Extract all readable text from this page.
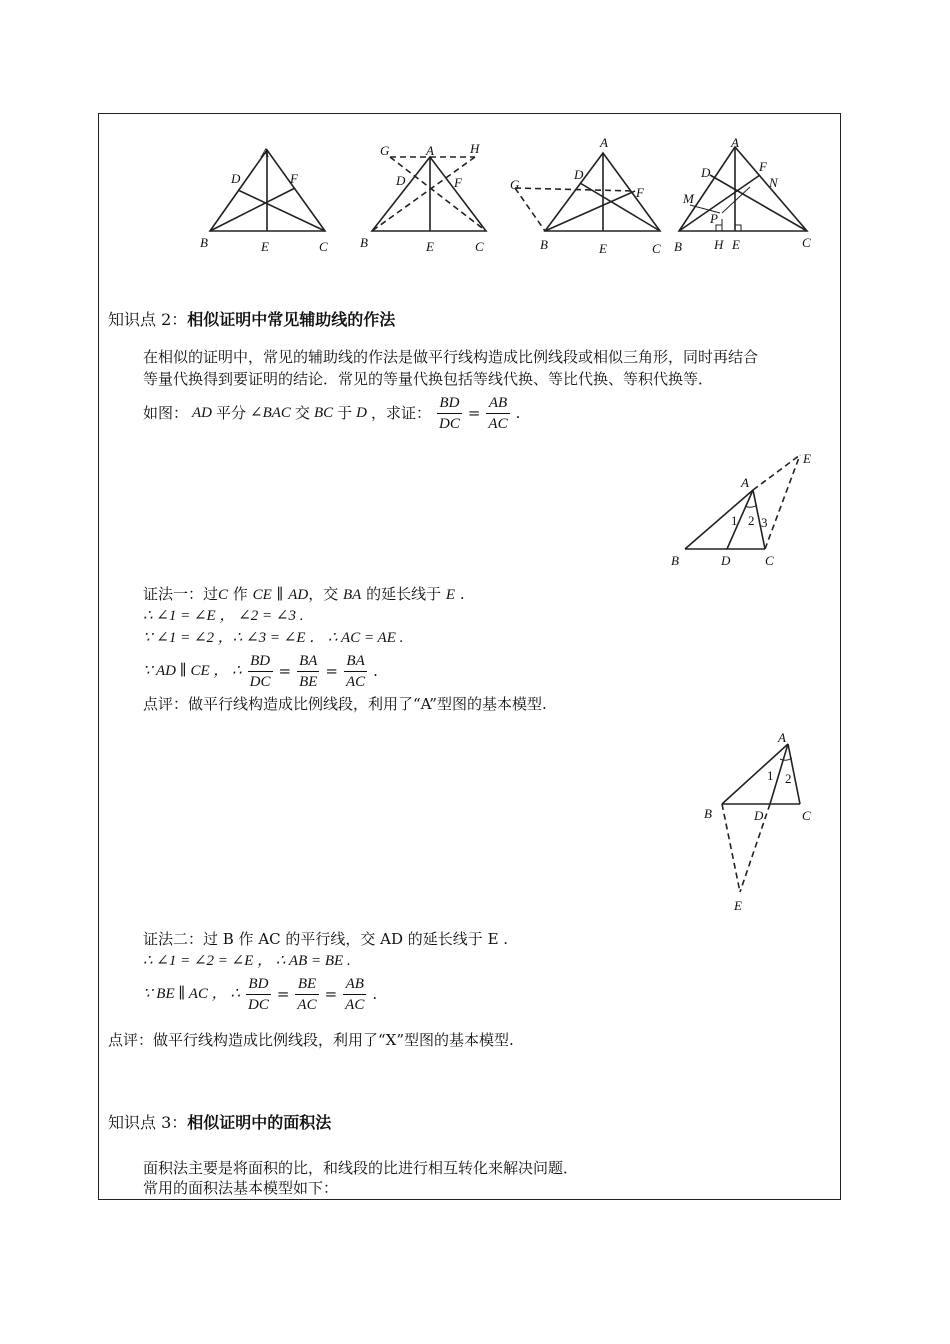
A
D	F
B	E	C
G	A	H
D	F
B	E	C
A
D
G
F
B	E	C
A
D	F
N
M
P
B H E	C
知识点 2：相似证明中常见辅助线的作法
在相似的证明中，常见的辅助线的作法是做平行线构造成比例线段或相似三角形，同时再结合
等量代换得到要证明的结论．常见的等量代换包括等线代换、等比代换、等积代换等．
如图： AD 平分 ∠BAC 交 BC 于 D ，求证： $\frac{BD}{DC} = \frac{AB}{AC}$ .
A
E
B	D	C
1 2 3
证法一：过C 作 CE ∥ AD，交 BA 的延长线于 E .
∴ ∠1 = ∠E ， ∠2 = ∠3 .
∵ ∠1 = ∠2 ，∴ ∠3 = ∠E ． ∴ AC = AE .
∵ AD ∥ CE ， ∴ $\frac{BD}{DC} = \frac{BA}{BE} = \frac{BA}{AC}$ .
点评：做平行线构造成比例线段，利用了“A”型图的基本模型.
A
B	D	C
E
1 2
证法二：过 B 作 AC 的平行线，交 AD 的延长线于 E .
∴ ∠1 = ∠2 = ∠E ， ∴ AB = BE .
∵ BE ∥ AC ， ∴ $\frac{BD}{DC} = \frac{BE}{AC} = \frac{AB}{AC}$ .
点评：做平行线构造成比例线段，利用了“X”型图的基本模型.
知识点 3：相似证明中的面积法
面积法主要是将面积的比，和线段的比进行相互转化来解决问题．
常用的面积法基本模型如下：
